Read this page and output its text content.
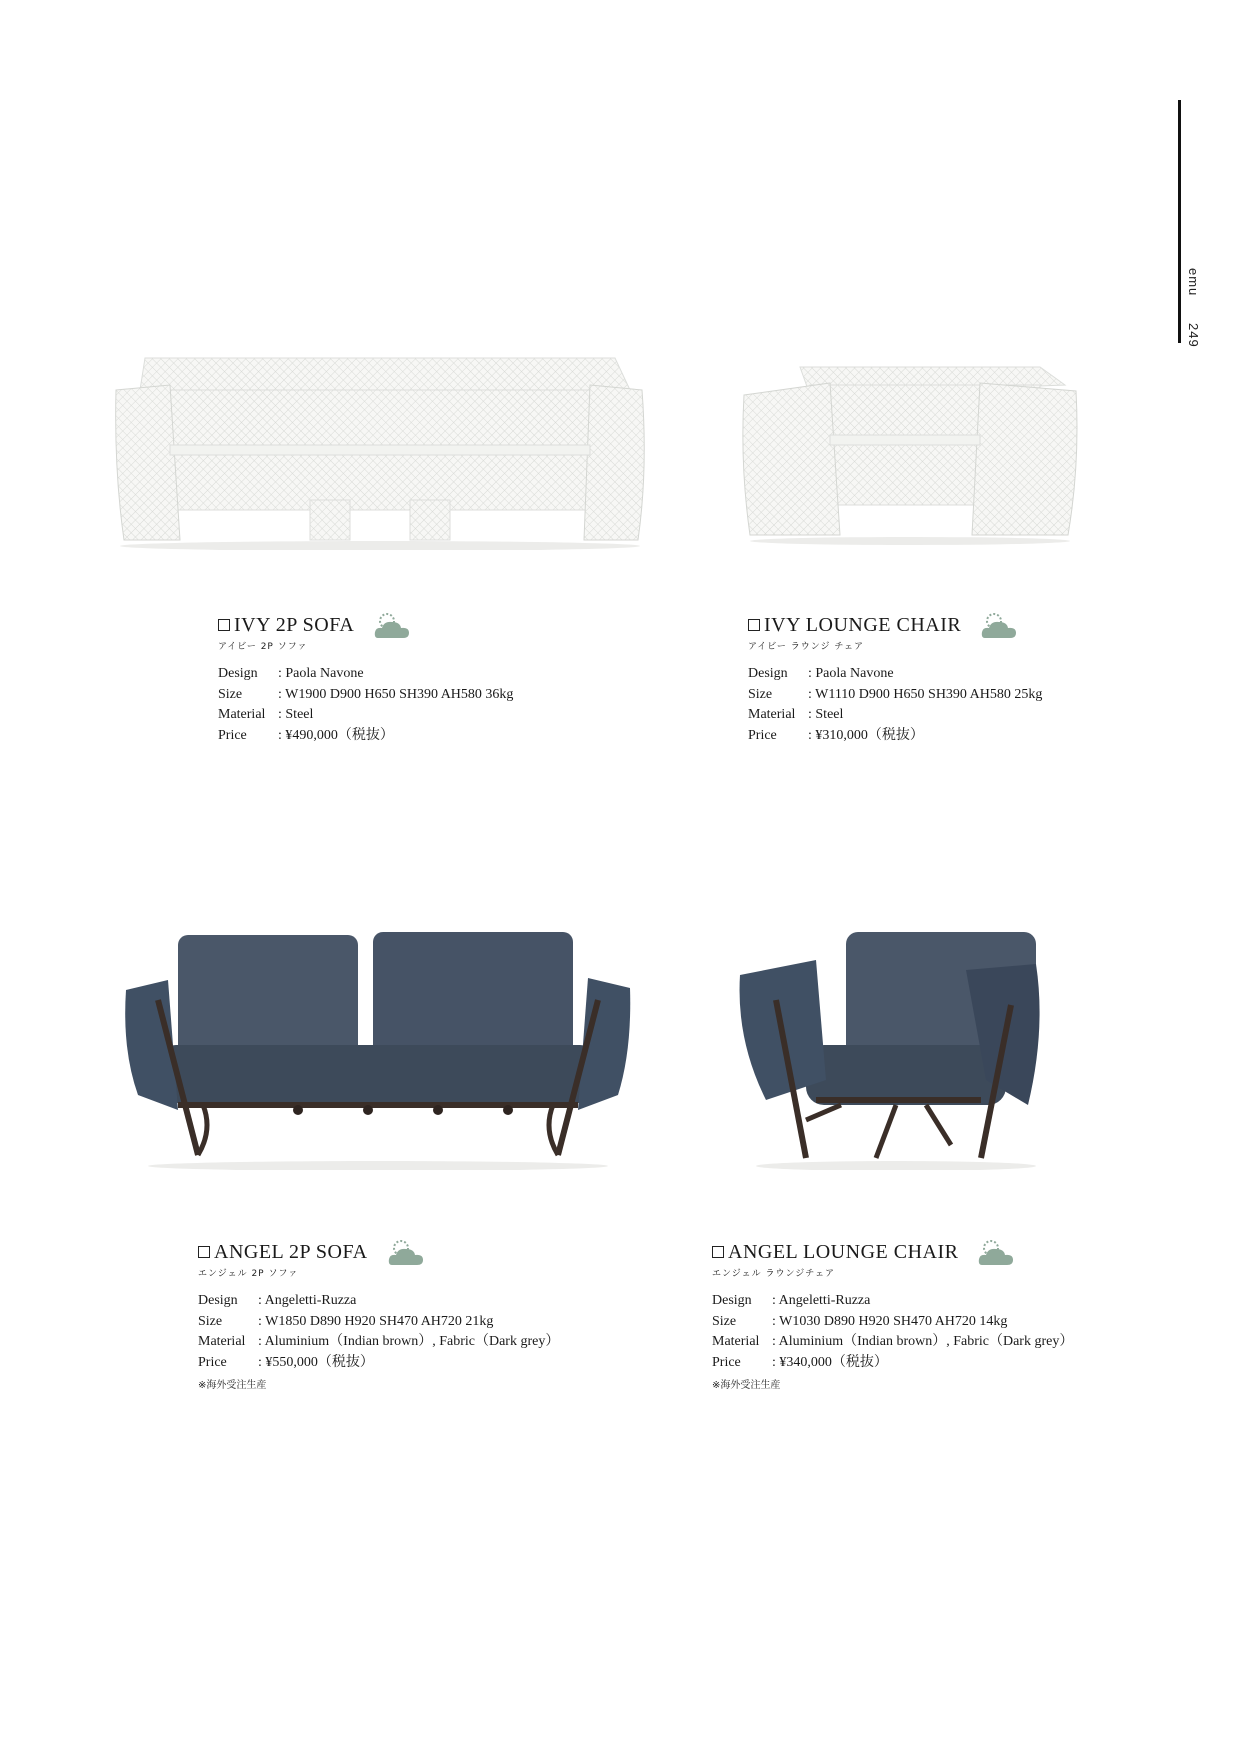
emu 249
IVY 2P SOFA
アイビー 2P ソファ
Design	: Paola Navone
Size	: W1900 D900 H650 SH390 AH580 36kg
Material : Steel
Price	: ¥490,000（税抜）
IVY LOUNGE CHAIR
アイビー ラウンジ チェア
Design	: Paola Navone
Size	: W1110 D900 H650 SH390 AH580 25kg
Material : Steel
Price	: ¥310,000（税抜）
ANGEL 2P SOFA
エンジェル 2P ソファ
Design	: Angeletti-Ruzza
Size	: W1850 D890 H920 SH470 AH720 21kg
Material : Aluminium（Indian brown）, Fabric（Dark grey）
Price	: ¥550,000（税抜）
※海外受注生産
ANGEL LOUNGE CHAIR
エンジェル ラウンジチェア
Design	: Angeletti-Ruzza
Size	: W1030 D890 H920 SH470 AH720 14kg
Material : Aluminium（Indian brown）, Fabric（Dark grey）
Price	: ¥340,000（税抜）
※海外受注生産
